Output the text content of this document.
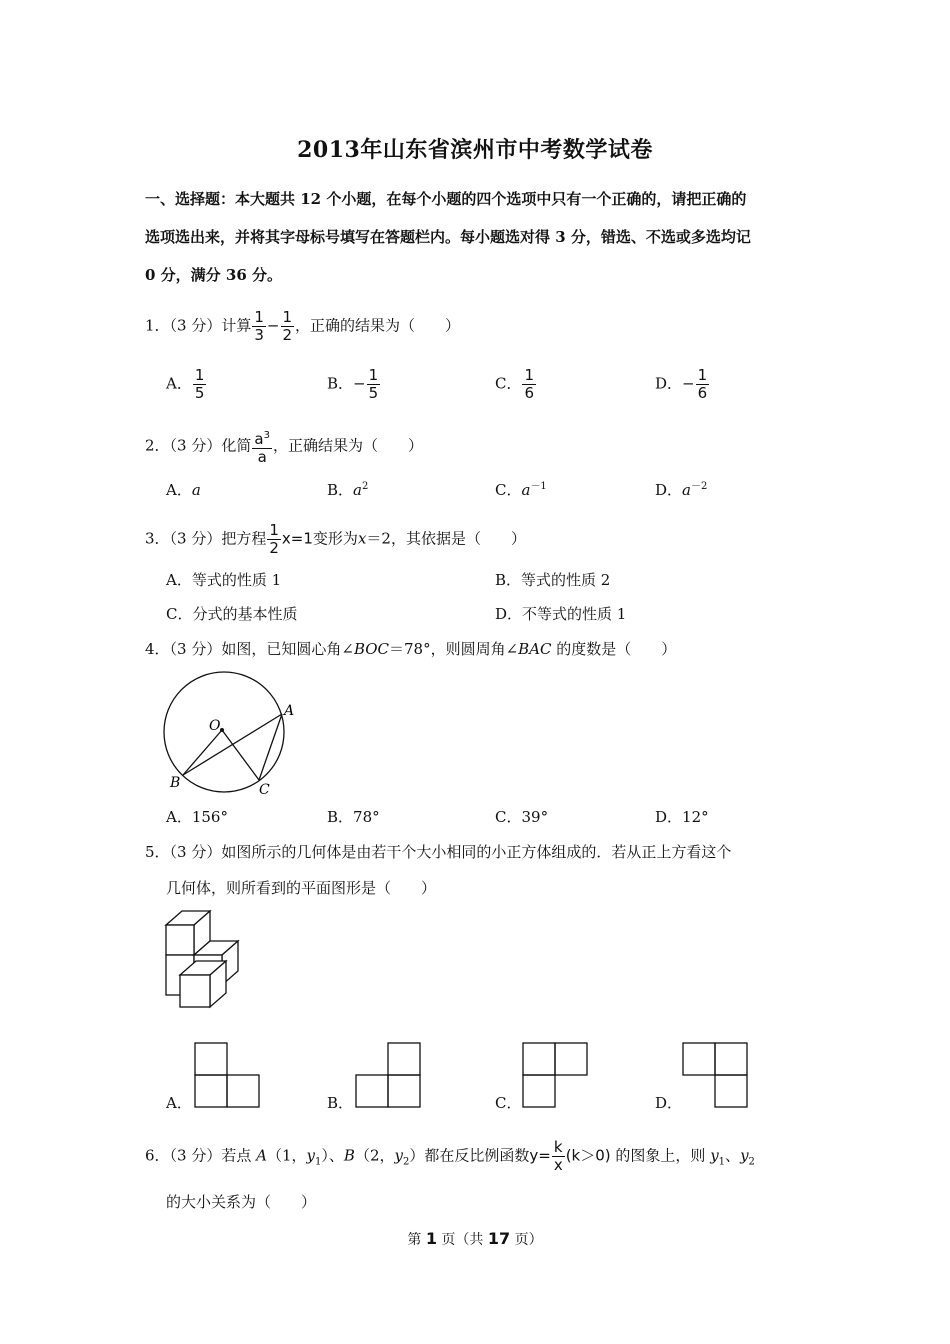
2013年山东省滨州市中考数学试卷
一、选择题：本大题共 12 个小题，在每个小题的四个选项中只有一个正确的，请把正确的
选项选出来，并将其字母标号填写在答题栏内。每小题选对得 3 分，错选、不选或多选均记
0 分，满分 36 分。
1．（3 分）计算 $\frac{1}{3} - \frac{1}{2}$ ，正确的结果为（　　）
A． $\frac{1}{5}$	B．− $\frac{1}{5}$	C． $\frac{1}{6}$	D．− $\frac{1}{6}$
2．（3 分）化简 $\frac{a^3}{a}$ ，正确结果为（　　）
A．a	B．$a^2$	C．$a^{-1}$	D．$a^{-2}$
3．（3 分）把方程 $\frac{1}{2} x=1$变形为x＝2，其依据是（　　）
A．等式的性质 1	B．等式的性质 2
C．分式的基本性质	D．不等式的性质 1
4．（3 分）如图，已知圆心角∠BOC＝78°，则圆周角∠BAC 的度数是（　　）
O
A
B	C
A．156°	B．78°	C．39°	D．12°
5．（3 分）如图所示的几何体是由若干个大小相同的小正方体组成的．若从正上方看这个
几何体，则所看到的平面图形是（　　）
A．	B．	C．	D．
6．（3 分）若点 A（1，$y_1$）、B（2，$y_2$）都在反比例函数$y= \frac{k}{x} (k>0)$ 的图象上，则 $y_1$、$y_2$
的大小关系为（　　）
第 1 页（共 17 页）
